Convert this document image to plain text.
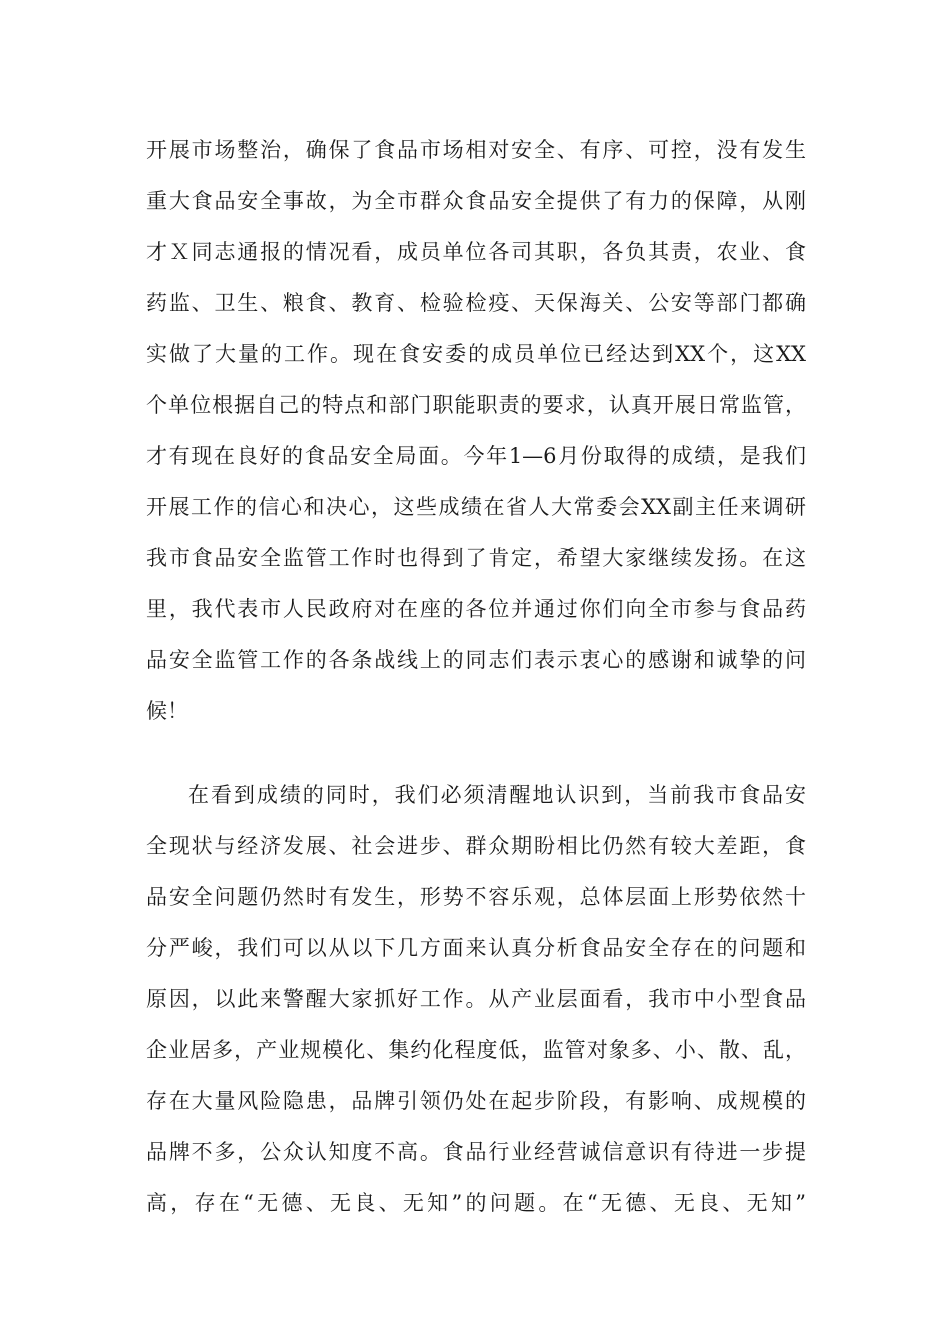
开展市场整治，确保了食品市场相对安全、有序、可控，没有发生
重大食品安全事故，为全市群众食品安全提供了有力的保障，从刚
才Ｘ同志通报的情况看，成员单位各司其职，各负其责，农业、食
药监、卫生、粮食、教育、检验检疫、天保海关、公安等部门都确
实做了大量的工作。现在食安委的成员单位已经达到XX个，这XX
个单位根据自己的特点和部门职能职责的要求，认真开展日常监管，
才有现在良好的食品安全局面。今年1—6月份取得的成绩，是我们
开展工作的信心和决心，这些成绩在省人大常委会XX副主任来调研
我市食品安全监管工作时也得到了肯定，希望大家继续发扬。在这
里，我代表市人民政府对在座的各位并通过你们向全市参与食品药
品安全监管工作的各条战线上的同志们表示衷心的感谢和诚挚的问
候！
在看到成绩的同时，我们必须清醒地认识到，当前我市食品安
全现状与经济发展、社会进步、群众期盼相比仍然有较大差距，食
品安全问题仍然时有发生，形势不容乐观，总体层面上形势依然十
分严峻，我们可以从以下几方面来认真分析食品安全存在的问题和
原因，以此来警醒大家抓好工作。从产业层面看，我市中小型食品
企业居多，产业规模化、集约化程度低，监管对象多、小、散、乱，
存在大量风险隐患，品牌引领仍处在起步阶段，有影响、成规模的
品牌不多，公众认知度不高。食品行业经营诚信意识有待进一步提
高，存在“无德、无良、无知”的问题。在“无德、无良、无知”
